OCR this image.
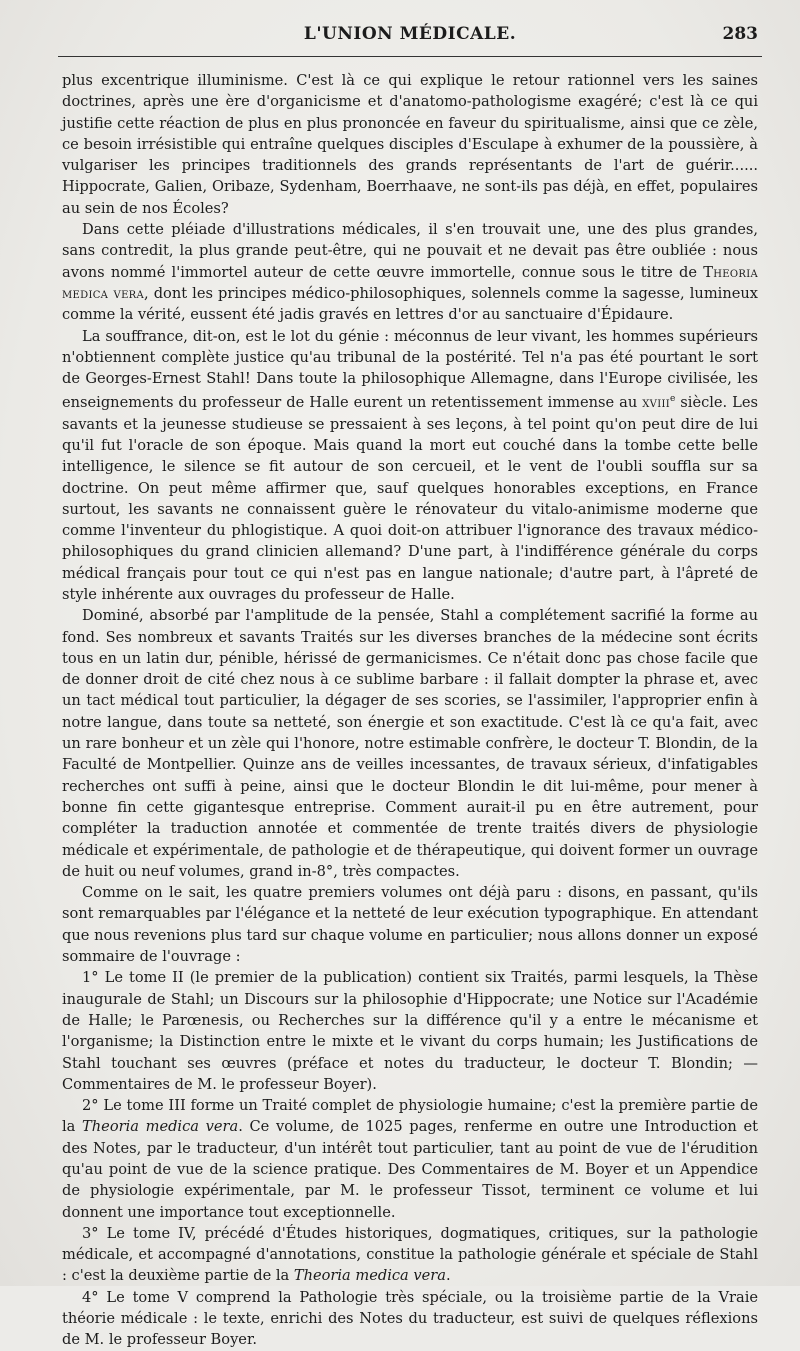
L'UNION MÉDICALE.	283

plus excentrique illuminisme. C'est là ce qui explique le retour rationnel vers les saines doctrines, après une ère d'organicisme et d'anatomo-pathologisme exagéré; c'est là ce qui justifie cette réaction de plus en plus prononcée en faveur du spiritualisme, ainsi que ce zèle, ce besoin irrésistible qui entraîne quelques disciples d'Esculape à exhumer de la poussière, à vulgariser les principes traditionnels des grands représentants de l'art de guérir...... Hippocrate, Galien, Oribaze, Sydenham, Boerrhaave, ne sont-ils pas déjà, en effet, populaires au sein de nos Écoles?

Dans cette pléiade d'illustrations médicales, il s'en trouvait une, une des plus grandes, sans contredit, la plus grande peut-être, qui ne pouvait et ne devait pas être oubliée : nous avons nommé l'immortel auteur de cette œuvre immortelle, connue sous le titre de Theoria medica vera, dont les principes médico-philosophiques, solennels comme la sagesse, lumineux comme la vérité, eussent été jadis gravés en lettres d'or au sanctuaire d'Épidaure.

La souffrance, dit-on, est le lot du génie : méconnus de leur vivant, les hommes supérieurs n'obtiennent complète justice qu'au tribunal de la postérité. Tel n'a pas été pourtant le sort de Georges-Ernest Stahl! Dans toute la philosophique Allemagne, dans l'Europe civilisée, les enseignements du professeur de Halle eurent un retentissement immense au xviii$^e$ siècle. Les savants et la jeunesse studieuse se pressaient à ses leçons, à tel point qu'on peut dire de lui qu'il fut l'oracle de son époque. Mais quand la mort eut couché dans la tombe cette belle intelligence, le silence se fit autour de son cercueil, et le vent de l'oubli souffla sur sa doctrine. On peut même affirmer que, sauf quelques honorables exceptions, en France surtout, les savants ne connaissent guère le rénovateur du vitalo-animisme moderne que comme l'inventeur du phlogistique. A quoi doit-on attribuer l'ignorance des travaux médico-philosophiques du grand clinicien allemand? D'une part, à l'indifférence générale du corps médical français pour tout ce qui n'est pas en langue nationale; d'autre part, à l'âpreté de style inhérente aux ouvrages du professeur de Halle.

Dominé, absorbé par l'amplitude de la pensée, Stahl a complétement sacrifié la forme au fond. Ses nombreux et savants Traités sur les diverses branches de la médecine sont écrits tous en un latin dur, pénible, hérissé de germanicismes. Ce n'était donc pas chose facile que de donner droit de cité chez nous à ce sublime barbare : il fallait dompter la phrase et, avec un tact médical tout particulier, la dégager de ses scories, se l'assimiler, l'approprier enfin à notre langue, dans toute sa netteté, son énergie et son exactitude. C'est là ce qu'a fait, avec un rare bonheur et un zèle qui l'honore, notre estimable confrère, le docteur T. Blondin, de la Faculté de Montpellier. Quinze ans de veilles incessantes, de travaux sérieux, d'infatigables recherches ont suffi à peine, ainsi que le docteur Blondin le dit lui-même, pour mener à bonne fin cette gigantesque entreprise. Comment aurait-il pu en être autrement, pour compléter la traduction annotée et commentée de trente traités divers de physiologie médicale et expérimentale, de pathologie et de thérapeutique, qui doivent former un ouvrage de huit ou neuf volumes, grand in-8°, très compactes.

Comme on le sait, les quatre premiers volumes ont déjà paru : disons, en passant, qu'ils sont remarquables par l'élégance et la netteté de leur exécution typographique. En attendant que nous revenions plus tard sur chaque volume en particulier; nous allons donner un exposé sommaire de l'ouvrage :

1° Le tome II (le premier de la publication) contient six Traités, parmi lesquels, la Thèse inaugurale de Stahl; un Discours sur la philosophie d'Hippocrate; une Notice sur l'Académie de Halle; le Parœnesis, ou Recherches sur la différence qu'il y a entre le mécanisme et l'organisme; la Distinction entre le mixte et le vivant du corps humain; les Justifications de Stahl touchant ses œuvres (préface et notes du traducteur, le docteur T. Blondin; — Commentaires de M. le professeur Boyer).

2° Le tome III forme un Traité complet de physiologie humaine; c'est la première partie de la Theoria medica vera. Ce volume, de 1025 pages, renferme en outre une Introduction et des Notes, par le traducteur, d'un intérêt tout particulier, tant au point de vue de l'érudition qu'au point de vue de la science pratique. Des Commentaires de M. Boyer et un Appendice de physiologie expérimentale, par M. le professeur Tissot, terminent ce volume et lui donnent une importance tout exceptionnelle.

3° Le tome IV, précédé d'Études historiques, dogmatiques, critiques, sur la pathologie médicale, et accompagné d'annotations, constitue la pathologie générale et spéciale de Stahl : c'est la deuxième partie de la Theoria medica vera.

4° Le tome V comprend la Pathologie très spéciale, ou la troisième partie de la Vraie théorie médicale : le texte, enrichi des Notes du traducteur, est suivi de quelques réflexions de M. le professeur Boyer.
